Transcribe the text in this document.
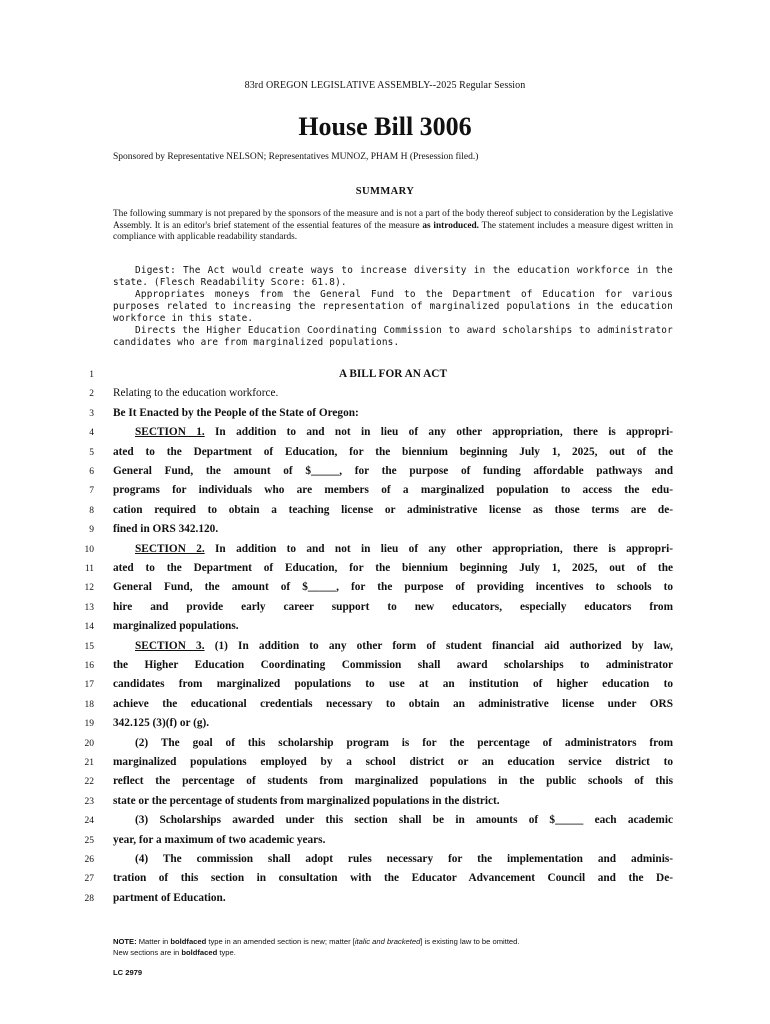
83rd OREGON LEGISLATIVE ASSEMBLY--2025 Regular Session
House Bill 3006
Sponsored by Representative NELSON; Representatives MUNOZ, PHAM H (Presession filed.)
SUMMARY
The following summary is not prepared by the sponsors of the measure and is not a part of the body thereof subject to consideration by the Legislative Assembly. It is an editor's brief statement of the essential features of the measure as introduced. The statement includes a measure digest written in compliance with applicable readability standards.

Digest: The Act would create ways to increase diversity in the education workforce in the state. (Flesch Readability Score: 61.8).

Appropriates moneys from the General Fund to the Department of Education for various purposes related to increasing the representation of marginalized populations in the education workforce in this state.

Directs the Higher Education Coordinating Commission to award scholarships to administrator candidates who are from marginalized populations.

1	A BILL FOR AN ACT
2 Relating to the education workforce.
3 Be It Enacted by the People of the State of Oregon:
4	SECTION 1. In addition to and not in lieu of any other appropriation, there is appropri-
5 ated to the Department of Education, for the biennium beginning July 1, 2025, out of the
6 General Fund, the amount of $_____, for the purpose of funding affordable pathways and
7 programs for individuals who are members of a marginalized population to access the edu-
8 cation required to obtain a teaching license or administrative license as those terms are de-
9 fined in ORS 342.120.
10	SECTION 2. In addition to and not in lieu of any other appropriation, there is appropri-
11 ated to the Department of Education, for the biennium beginning July 1, 2025, out of the
12 General Fund, the amount of $_____, for the purpose of providing incentives to schools to
13 hire and provide early career support to new educators, especially educators from
14 marginalized populations.
15	SECTION 3. (1) In addition to any other form of student financial aid authorized by law,
16 the Higher Education Coordinating Commission shall award scholarships to administrator
17 candidates from marginalized populations to use at an institution of higher education to
18 achieve the educational credentials necessary to obtain an administrative license under ORS
19 342.125 (3)(f) or (g).
20	(2) The goal of this scholarship program is for the percentage of administrators from
21 marginalized populations employed by a school district or an education service district to
22 reflect the percentage of students from marginalized populations in the public schools of this
23 state or the percentage of students from marginalized populations in the district.
24	(3) Scholarships awarded under this section shall be in amounts of $_____ each academic
25 year, for a maximum of two academic years.
26	(4) The commission shall adopt rules necessary for the implementation and adminis-
27 tration of this section in consultation with the Educator Advancement Council and the De-
28 partment of Education.
NOTE: Matter in boldfaced type in an amended section is new; matter [italic and bracketed] is existing law to be omitted.
New sections are in boldfaced type.
LC 2979
